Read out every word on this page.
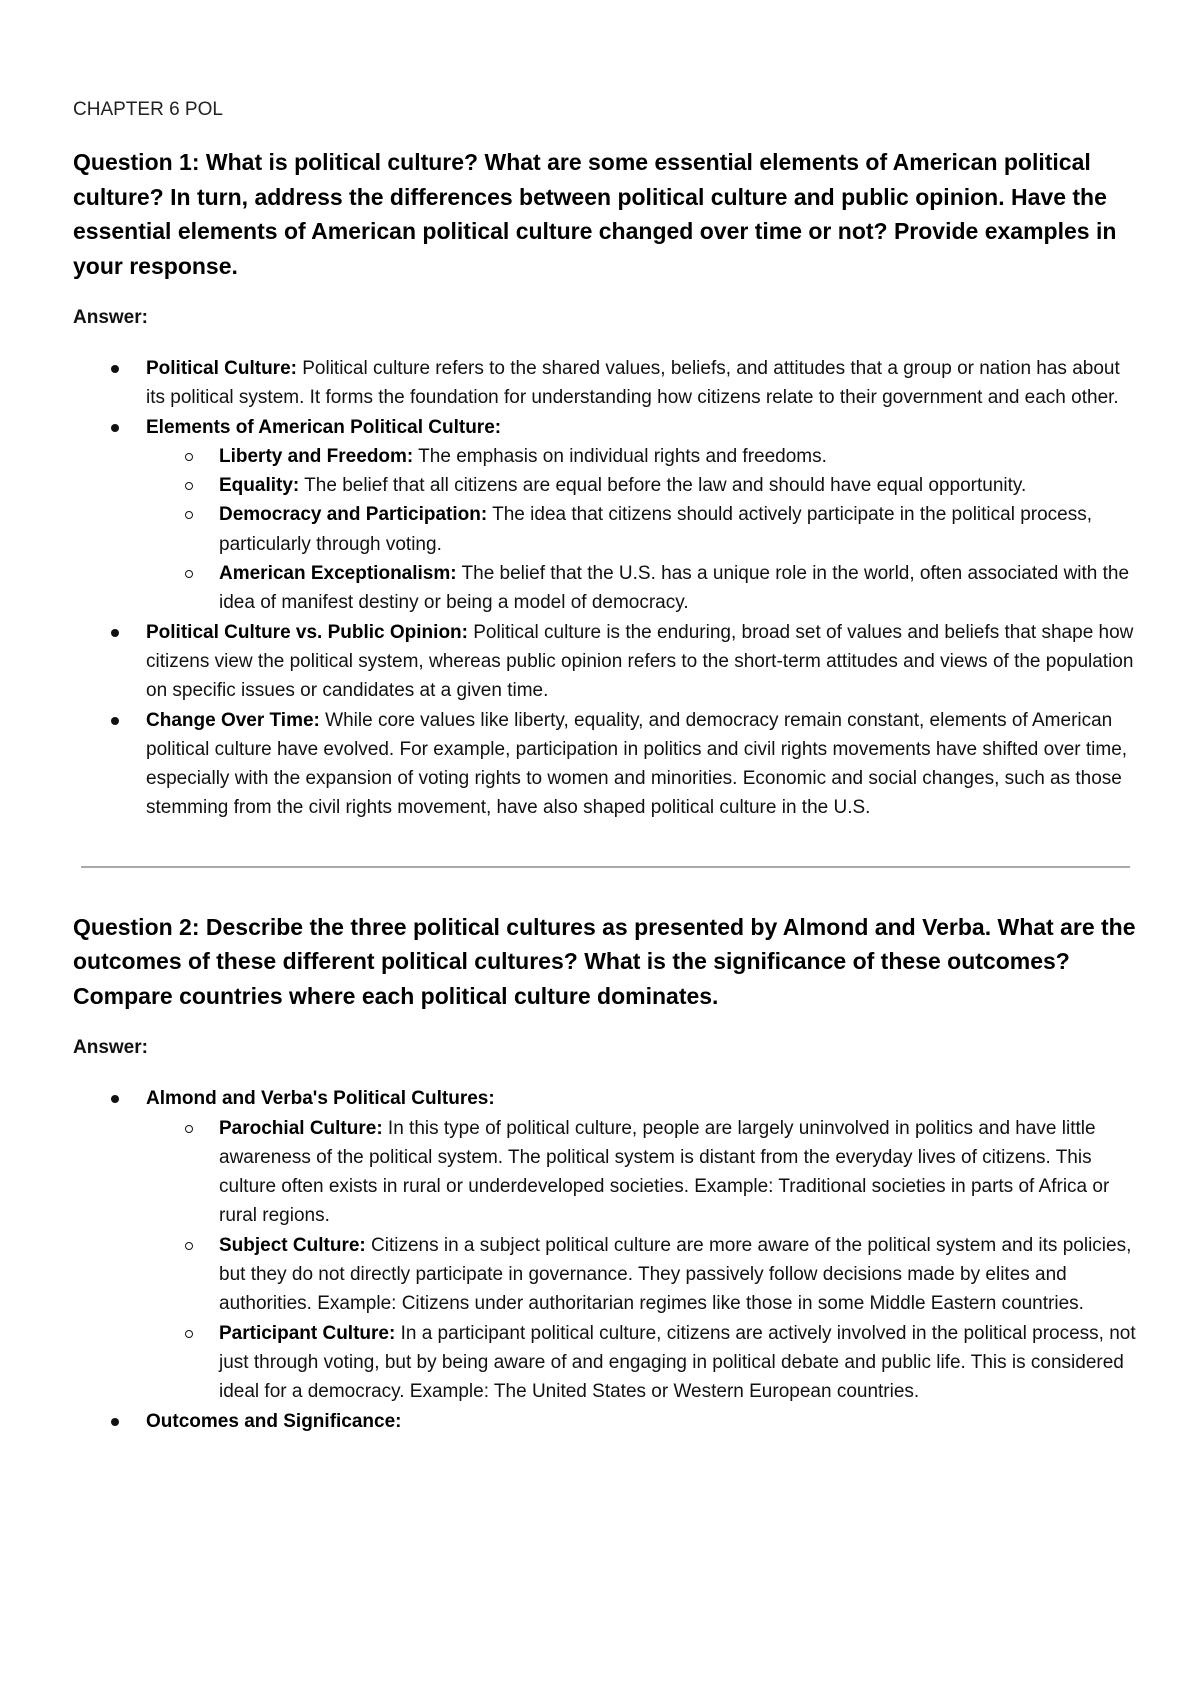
CHAPTER 6 POL

Question 1: What is political culture? What are some essential elements of American political culture? In turn, address the differences between political culture and public opinion. Have the essential elements of American political culture changed over time or not? Provide examples in your response.

Answer:

Political Culture: Political culture refers to the shared values, beliefs, and attitudes that a group or nation has about its political system. It forms the foundation for understanding how citizens relate to their government and each other.
Elements of American Political Culture:
Liberty and Freedom: The emphasis on individual rights and freedoms.
Equality: The belief that all citizens are equal before the law and should have equal opportunity.
Democracy and Participation: The idea that citizens should actively participate in the political process, particularly through voting.
American Exceptionalism: The belief that the U.S. has a unique role in the world, often associated with the idea of manifest destiny or being a model of democracy.
Political Culture vs. Public Opinion: Political culture is the enduring, broad set of values and beliefs that shape how citizens view the political system, whereas public opinion refers to the short-term attitudes and views of the population on specific issues or candidates at a given time.
Change Over Time: While core values like liberty, equality, and democracy remain constant, elements of American political culture have evolved. For example, participation in politics and civil rights movements have shifted over time, especially with the expansion of voting rights to women and minorities. Economic and social changes, such as those stemming from the civil rights movement, have also shaped political culture in the U.S.

Question 2: Describe the three political cultures as presented by Almond and Verba. What are the outcomes of these different political cultures? What is the significance of these outcomes? Compare countries where each political culture dominates.

Answer:

Almond and Verba's Political Cultures:
Parochial Culture: In this type of political culture, people are largely uninvolved in politics and have little awareness of the political system. The political system is distant from the everyday lives of citizens. This culture often exists in rural or underdeveloped societies. Example: Traditional societies in parts of Africa or rural regions.
Subject Culture: Citizens in a subject political culture are more aware of the political system and its policies, but they do not directly participate in governance. They passively follow decisions made by elites and authorities. Example: Citizens under authoritarian regimes like those in some Middle Eastern countries.
Participant Culture: In a participant political culture, citizens are actively involved in the political process, not just through voting, but by being aware of and engaging in political debate and public life. This is considered ideal for a democracy. Example: The United States or Western European countries.
Outcomes and Significance:
